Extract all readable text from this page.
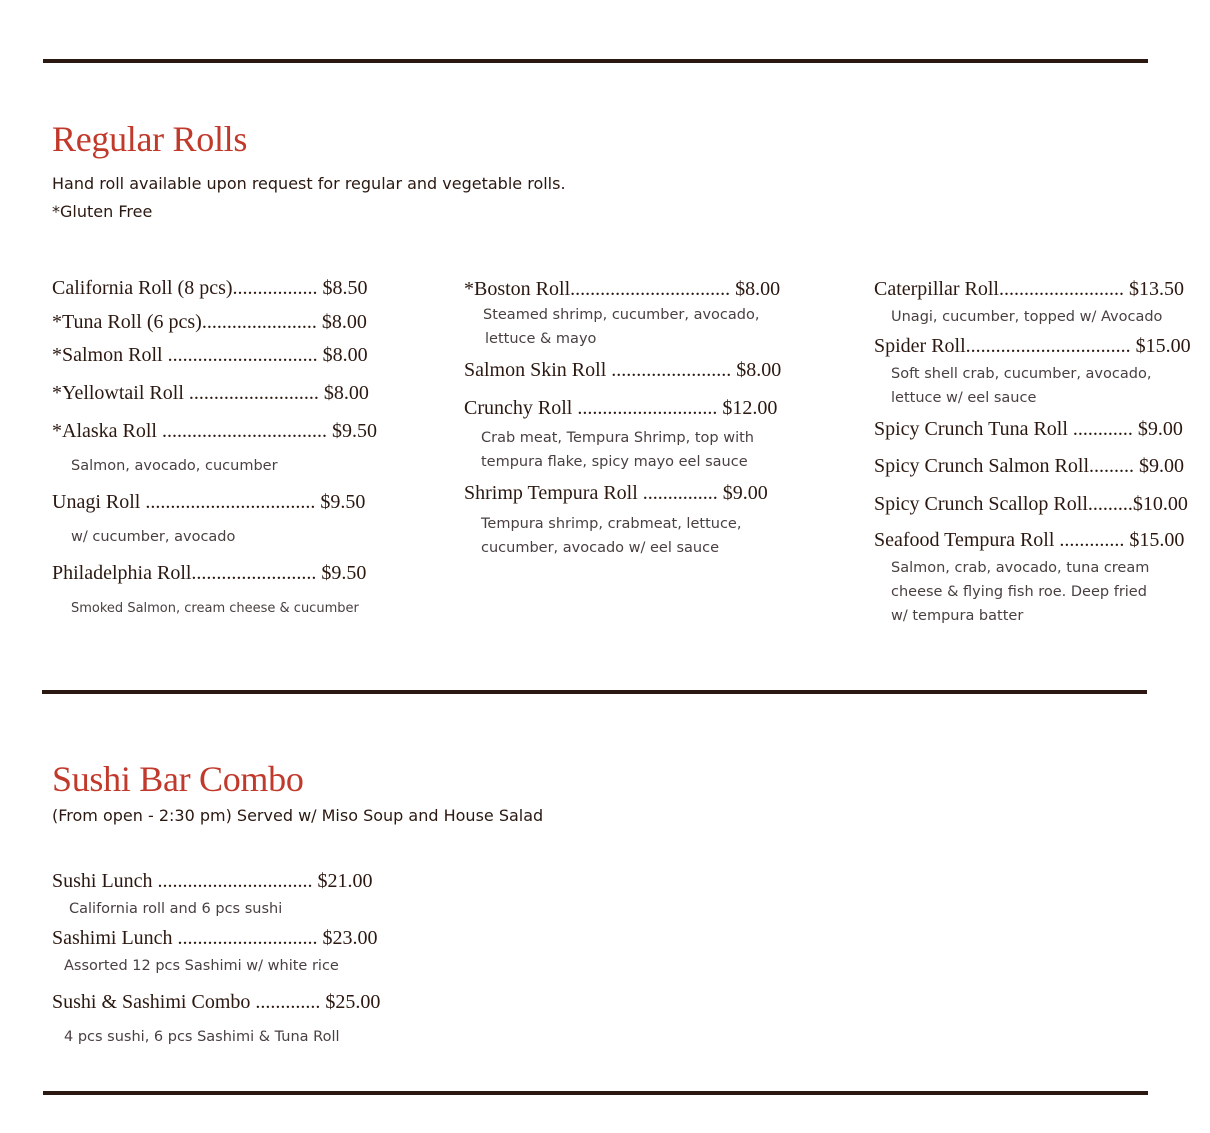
Regular Rolls

Hand roll available upon request for regular and vegetable rolls.
*Gluten Free

California Roll (8 pcs)................. $8.50
*Tuna Roll (6 pcs)....................... $8.00
*Salmon Roll .............................. $8.00
*Yellowtail Roll .......................... $8.00
*Alaska Roll ................................. $9.50
Salmon, avocado, cucumber
Unagi Roll .................................. $9.50
w/ cucumber, avocado
Philadelphia Roll......................... $9.50
Smoked Salmon, cream cheese & cucumber
*Boston Roll................................ $8.00
Steamed shrimp, cucumber, avocado,
lettuce & mayo
Salmon Skin Roll ........................ $8.00
Crunchy Roll ............................ $12.00
Crab meat, Tempura Shrimp, top with
tempura flake, spicy mayo eel sauce
Shrimp Tempura Roll ............... $9.00
Tempura shrimp, crabmeat, lettuce,
cucumber, avocado w/ eel sauce
Caterpillar Roll......................... $13.50
Unagi, cucumber, topped w/ Avocado
Spider Roll................................. $15.00
Soft shell crab, cucumber, avocado,
lettuce w/ eel sauce
Spicy Crunch Tuna Roll ............ $9.00
Spicy Crunch Salmon Roll......... $9.00
Spicy Crunch Scallop Roll.........$10.00
Seafood Tempura Roll ............. $15.00
Salmon, crab, avocado, tuna cream
cheese & flying fish roe. Deep fried
w/ tempura batter
Sushi Bar Combo

(From open - 2:30 pm) Served w/ Miso Soup and House Salad

Sushi Lunch ............................... $21.00
California roll and 6 pcs sushi
Sashimi Lunch ............................ $23.00
Assorted 12 pcs Sashimi w/ white rice
Sushi & Sashimi Combo ............. $25.00
4 pcs sushi, 6 pcs Sashimi & Tuna Roll
